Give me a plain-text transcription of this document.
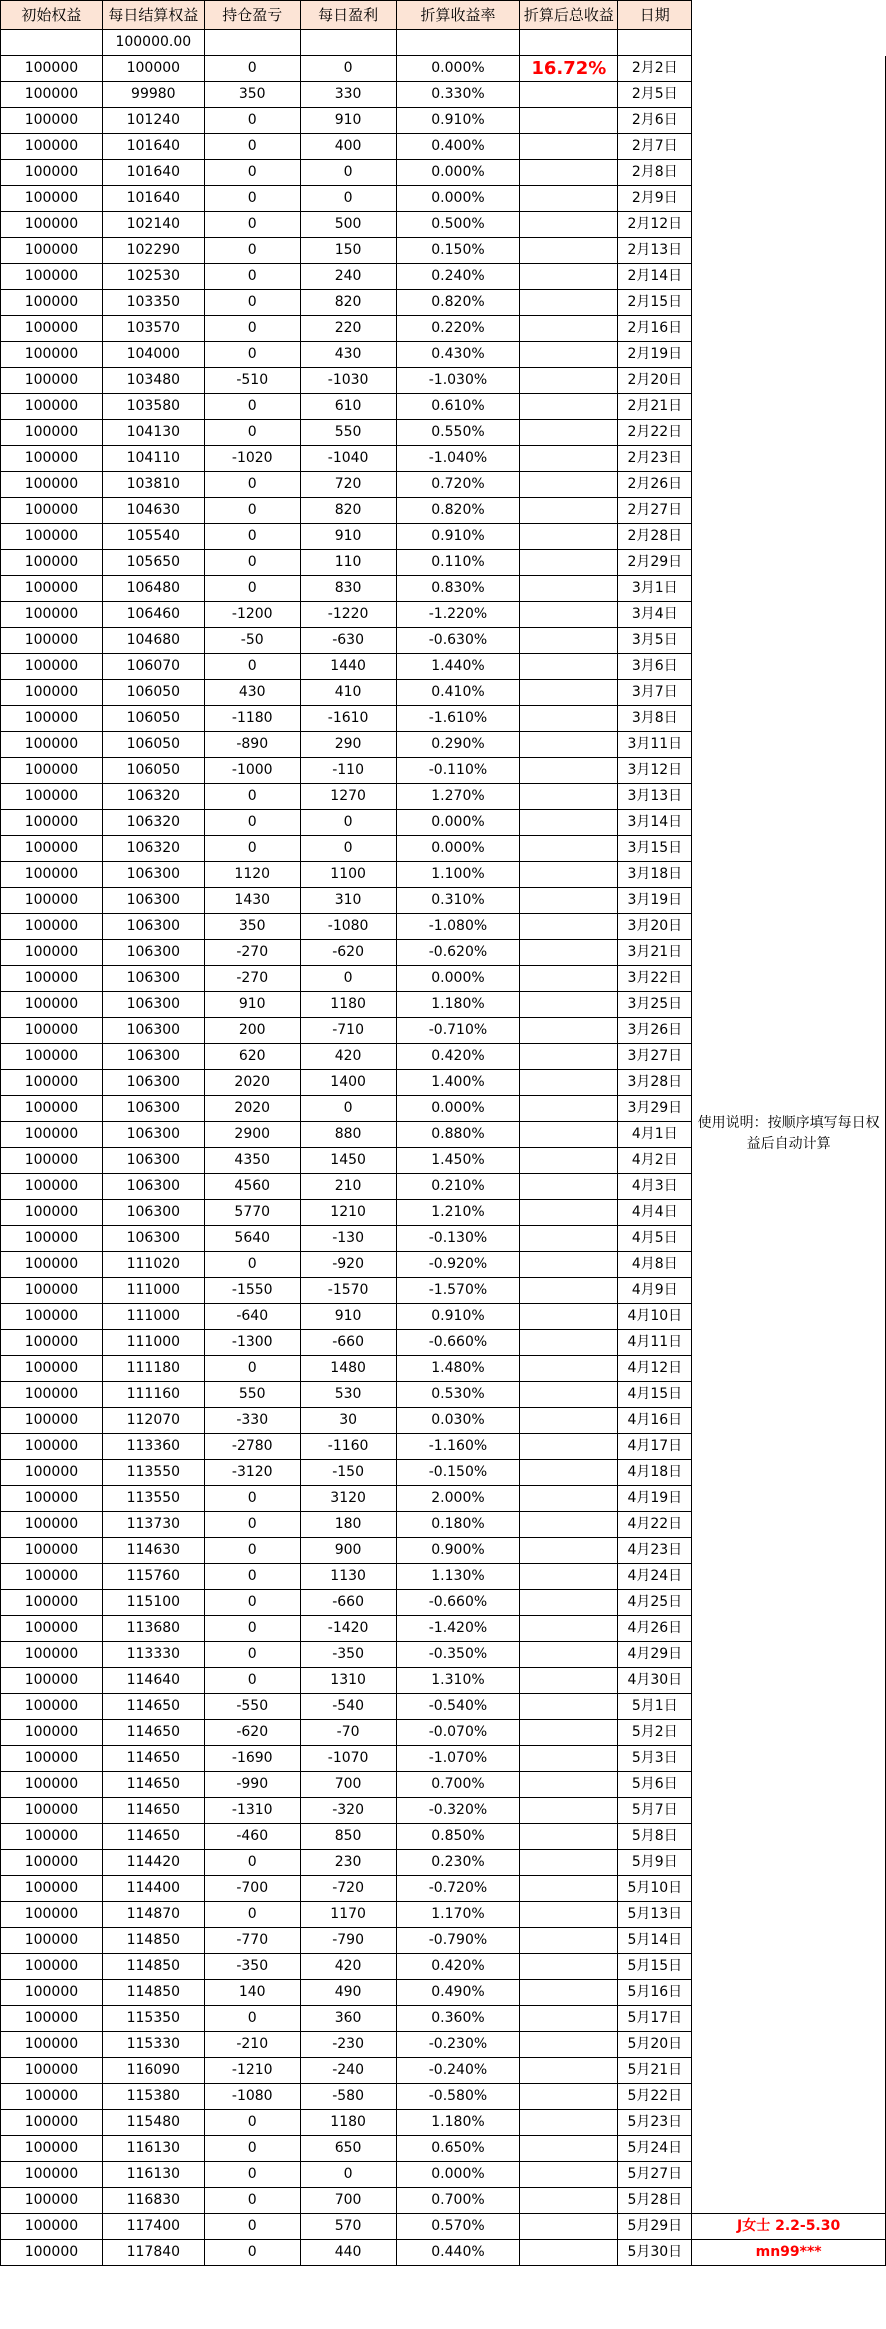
初始权益	每日结算权益	持仓盈亏	每日盈利	折算收益率	折算后总收益	日期	
	100000.00						
100000	100000	0	0	0.000%	16.72%	2月2日	使用说明：按顺序填写每日权益后自动计算
100000	99980	350	330	0.330%		2月5日	
100000	101240	0	910	0.910%		2月6日	
100000	101640	0	400	0.400%		2月7日	
100000	101640	0	0	0.000%		2月8日	
100000	101640	0	0	0.000%		2月9日	
100000	102140	0	500	0.500%		2月12日	
100000	102290	0	150	0.150%		2月13日	
100000	102530	0	240	0.240%		2月14日	
100000	103350	0	820	0.820%		2月15日	
100000	103570	0	220	0.220%		2月16日	
100000	104000	0	430	0.430%		2月19日	
100000	103480	-510	-1030	-1.030%		2月20日	
100000	103580	0	610	0.610%		2月21日	
100000	104130	0	550	0.550%		2月22日	
100000	104110	-1020	-1040	-1.040%		2月23日	
100000	103810	0	720	0.720%		2月26日	
100000	104630	0	820	0.820%		2月27日	
100000	105540	0	910	0.910%		2月28日	
100000	105650	0	110	0.110%		2月29日	
100000	106480	0	830	0.830%		3月1日	
100000	106460	-1200	-1220	-1.220%		3月4日	
100000	104680	-50	-630	-0.630%		3月5日	
100000	106070	0	1440	1.440%		3月6日	
100000	106050	430	410	0.410%		3月7日	
100000	106050	-1180	-1610	-1.610%		3月8日	
100000	106050	-890	290	0.290%		3月11日	
100000	106050	-1000	-110	-0.110%		3月12日	
100000	106320	0	1270	1.270%		3月13日	
100000	106320	0	0	0.000%		3月14日	
100000	106320	0	0	0.000%		3月15日	
100000	106300	1120	1100	1.100%		3月18日	
100000	106300	1430	310	0.310%		3月19日	
100000	106300	350	-1080	-1.080%		3月20日	
100000	106300	-270	-620	-0.620%		3月21日	
100000	106300	-270	0	0.000%		3月22日	
100000	106300	910	1180	1.180%		3月25日	
100000	106300	200	-710	-0.710%		3月26日	
100000	106300	620	420	0.420%		3月27日	
100000	106300	2020	1400	1.400%		3月28日	
100000	106300	2020	0	0.000%		3月29日	
100000	106300	2900	880	0.880%		4月1日	
100000	106300	4350	1450	1.450%		4月2日	
100000	106300	4560	210	0.210%		4月3日	
100000	106300	5770	1210	1.210%		4月4日	
100000	106300	5640	-130	-0.130%		4月5日	
100000	111020	0	-920	-0.920%		4月8日	
100000	111000	-1550	-1570	-1.570%		4月9日	
100000	111000	-640	910	0.910%		4月10日	
100000	111000	-1300	-660	-0.660%		4月11日	
100000	111180	0	1480	1.480%		4月12日	
100000	111160	550	530	0.530%		4月15日	
100000	112070	-330	30	0.030%		4月16日	
100000	113360	-2780	-1160	-1.160%		4月17日	
100000	113550	-3120	-150	-0.150%		4月18日	
100000	113550	0	3120	2.000%		4月19日	
100000	113730	0	180	0.180%		4月22日	
100000	114630	0	900	0.900%		4月23日	
100000	115760	0	1130	1.130%		4月24日	
100000	115100	0	-660	-0.660%		4月25日	
100000	113680	0	-1420	-1.420%		4月26日	
100000	113330	0	-350	-0.350%		4月29日	
100000	114640	0	1310	1.310%		4月30日	
100000	114650	-550	-540	-0.540%		5月1日	
100000	114650	-620	-70	-0.070%		5月2日	
100000	114650	-1690	-1070	-1.070%		5月3日	
100000	114650	-990	700	0.700%		5月6日	
100000	114650	-1310	-320	-0.320%		5月7日	
100000	114650	-460	850	0.850%		5月8日	
100000	114420	0	230	0.230%		5月9日	
100000	114400	-700	-720	-0.720%		5月10日	
100000	114870	0	1170	1.170%		5月13日	
100000	114850	-770	-790	-0.790%		5月14日	
100000	114850	-350	420	0.420%		5月15日	
100000	114850	140	490	0.490%		5月16日	
100000	115350	0	360	0.360%		5月17日	
100000	115330	-210	-230	-0.230%		5月20日	
100000	116090	-1210	-240	-0.240%		5月21日	
100000	115380	-1080	-580	-0.580%		5月22日	
100000	115480	0	1180	1.180%		5月23日	
100000	116130	0	650	0.650%		5月24日	
100000	116130	0	0	0.000%		5月27日	
100000	116830	0	700	0.700%		5月28日	
100000	117400	0	570	0.570%		5月29日	J女士 2.2-5.30
100000	117840	0	440	0.440%		5月30日	mn99***
